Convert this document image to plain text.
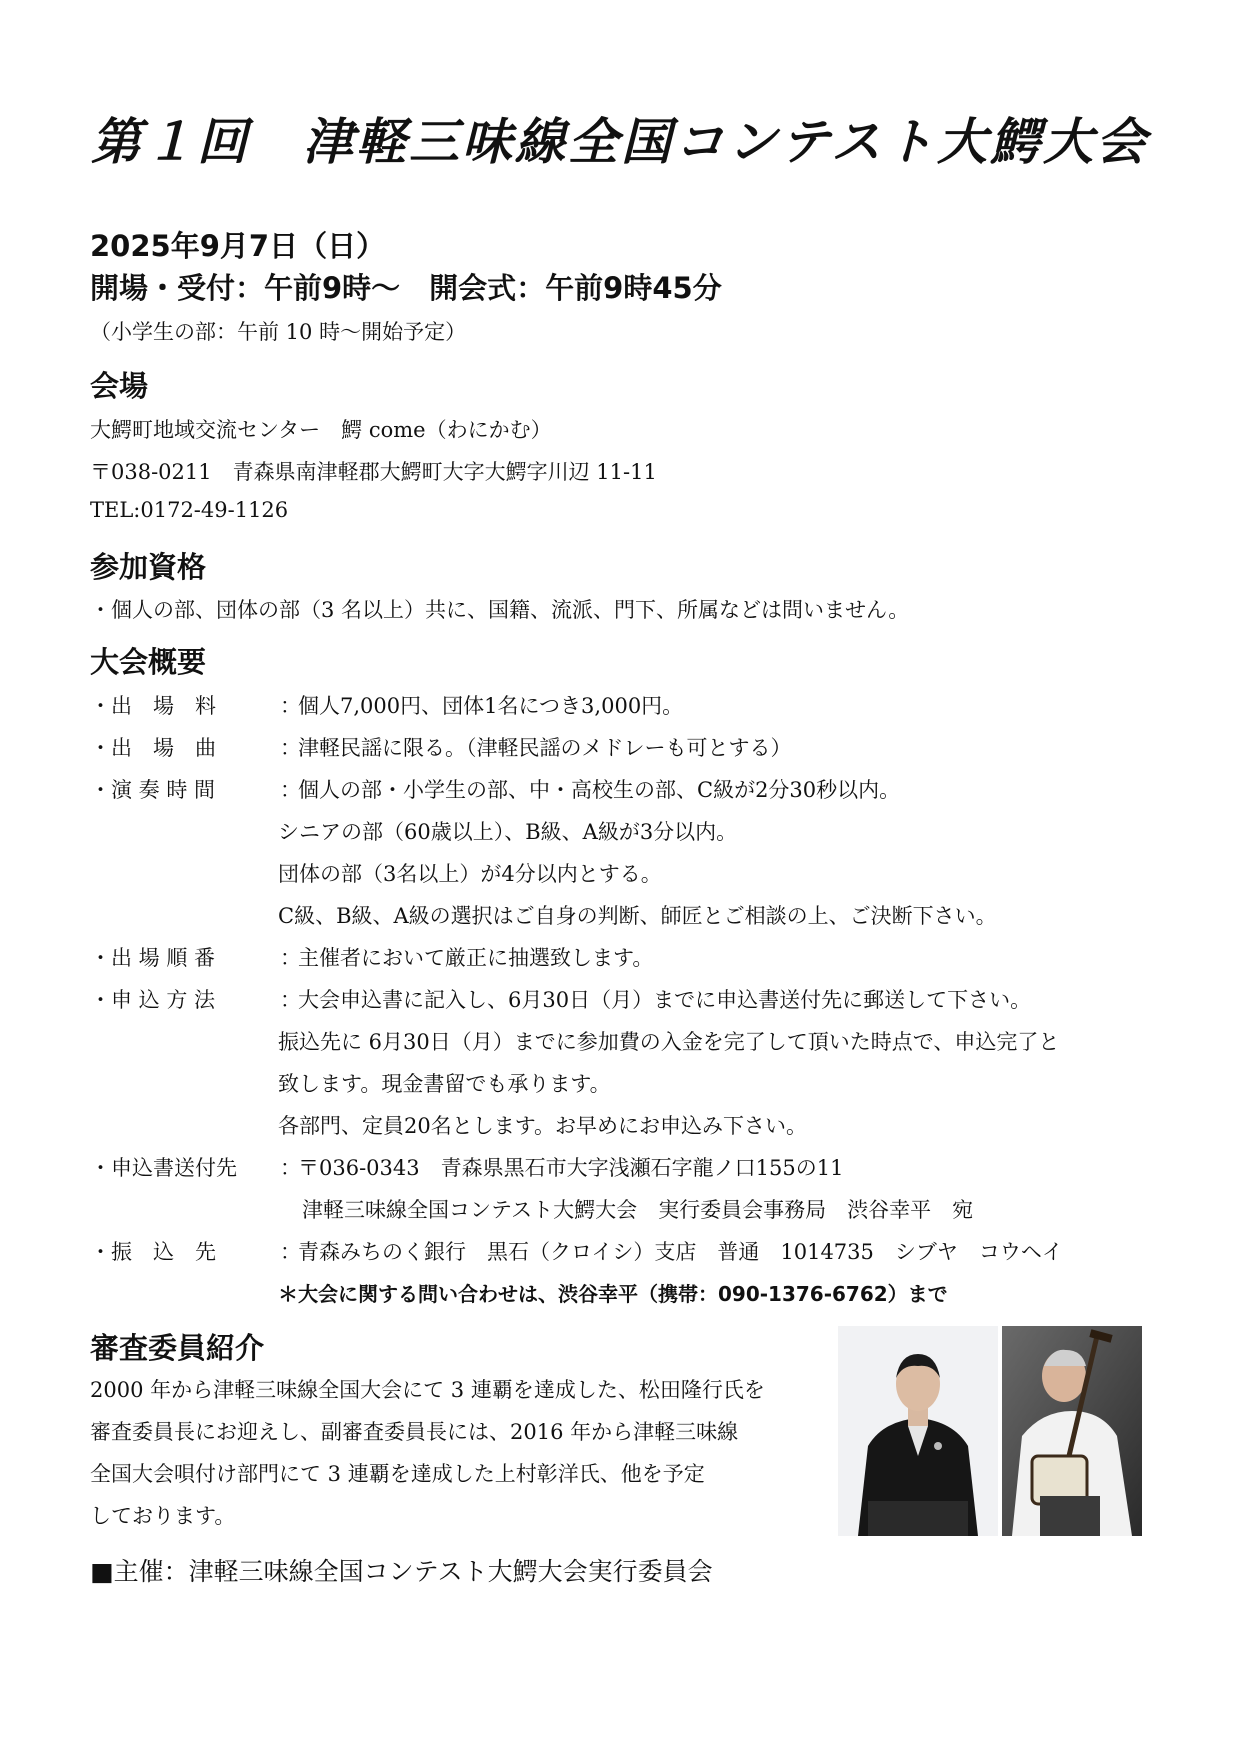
第１回　津軽三味線全国コンテスト大鰐大会
2025年9月7日（日）
開場・受付：午前9時～　開会式：午前9時45分
（小学生の部：午前 10 時～開始予定）
会場
大鰐町地域交流センター　鰐 come（わにかむ）
〒038-0211　青森県南津軽郡大鰐町大字大鰐字川辺 11-11
TEL:0172-49-1126
参加資格
・個人の部、団体の部（3 名以上）共に、国籍、流派、門下、所属などは問いません。
大会概要
・出　場　料	：
個人7,000円、団体1名につき3,000円。
・出　場　曲	：
津軽民謡に限る。（津軽民謡のメドレーも可とする）
・演 奏 時 間	：
個人の部・小学生の部、中・高校生の部、C級が2分30秒以内。
シニアの部（60歳以上）、B級、A級が3分以内。
団体の部（3名以上）が4分以内とする。
C級、B級、A級の選択はご自身の判断、師匠とご相談の上、ご決断下さい。
・出 場 順 番	：
主催者において厳正に抽選致します。
・申 込 方 法	：
大会申込書に記入し、6月30日（月）までに申込書送付先に郵送して下さい。
振込先に 6月30日（月）までに参加費の入金を完了して頂いた時点で、申込完了と
致します。現金書留でも承ります。
各部門、定員20名とします。お早めにお申込み下さい。
・申込書送付先	：
〒036-0343　青森県黒石市大字浅瀬石字龍ノ口155の11
津軽三味線全国コンテスト大鰐大会　実行委員会事務局　渋谷幸平　宛
・振　込　先	：
青森みちのく銀行　黒石（クロイシ）支店　普通　1014735　シブヤ　コウヘイ
＊大会に関する問い合わせは、渋谷幸平（携帯：090-1376-6762）まで
審査委員紹介
2000 年から津軽三味線全国大会にて 3 連覇を達成した、松田隆行氏を
審査委員長にお迎えし、副審査委員長には、2016 年から津軽三味線
全国大会唄付け部門にて 3 連覇を達成した上村彰洋氏、他を予定
しております。
■主催：津軽三味線全国コンテスト大鰐大会実行委員会
